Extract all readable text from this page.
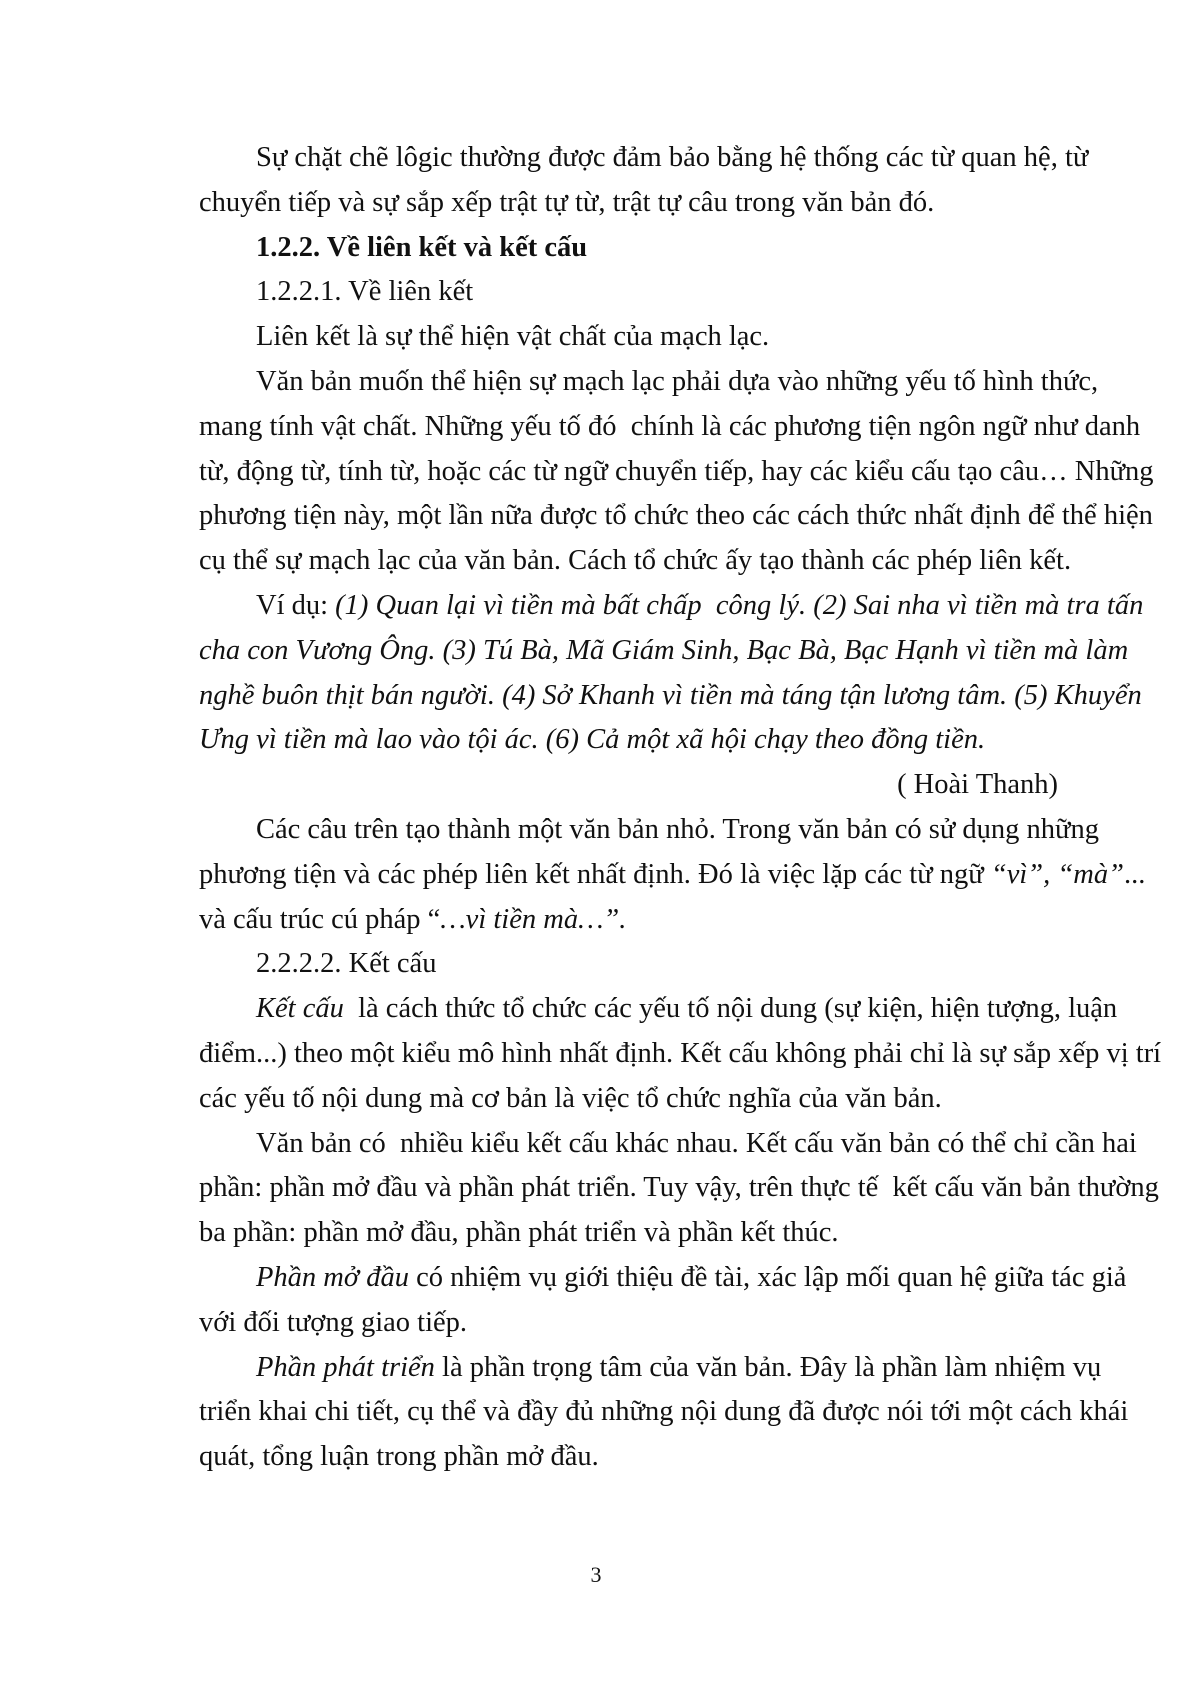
Sự chặt chẽ lôgic thường được đảm bảo bằng hệ thống các từ quan hệ, từ
chuyển tiếp và sự sắp xếp trật tự từ, trật tự câu trong văn bản đó.
1.2.2. Về liên kết và kết cấu
1.2.2.1. Về liên kết
Liên kết là sự thể hiện vật chất của mạch lạc.
Văn bản muốn thể hiện sự mạch lạc phải dựa vào những yếu tố hình thức,
mang tính vật chất. Những yếu tố đó  chính là các phương tiện ngôn ngữ như danh
từ, động từ, tính từ, hoặc các từ ngữ chuyển tiếp, hay các kiểu cấu tạo câu… Những
phương tiện này, một lần nữa được tổ chức theo các cách thức nhất định để thể hiện
cụ thể sự mạch lạc của văn bản. Cách tổ chức ấy tạo thành các phép liên kết.
Ví dụ: (1) Quan lại vì tiền mà bất chấp  công lý. (2) Sai nha vì tiền mà tra tấn
cha con Vương Ông. (3) Tú Bà, Mã Giám Sinh, Bạc Bà, Bạc Hạnh vì tiền mà làm
nghề buôn thịt bán người. (4) Sở Khanh vì tiền mà táng tận lương tâm. (5) Khuyển
Ưng vì tiền mà lao vào tội ác. (6) Cả một xã hội chạy theo đồng tiền.
( Hoài Thanh)
Các câu trên tạo thành một văn bản nhỏ. Trong văn bản có sử dụng những
phương tiện và các phép liên kết nhất định. Đó là việc lặp các từ ngữ “vì”, “mà”...
và cấu trúc cú pháp “…vì tiền mà…”.
2.2.2.2. Kết cấu
Kết cấu  là cách thức tổ chức các yếu tố nội dung (sự kiện, hiện tượng, luận
điểm...) theo một kiểu mô hình nhất định. Kết cấu không phải chỉ là sự sắp xếp vị trí
các yếu tố nội dung mà cơ bản là việc tổ chức nghĩa của văn bản.
Văn bản có  nhiều kiểu kết cấu khác nhau. Kết cấu văn bản có thể chỉ cần hai
phần: phần mở đầu và phần phát triển. Tuy vậy, trên thực tế  kết cấu văn bản thường
ba phần: phần mở đầu, phần phát triển và phần kết thúc.
Phần mở đầu có nhiệm vụ giới thiệu đề tài, xác lập mối quan hệ giữa tác giả
với đối tượng giao tiếp.
Phần phát triển là phần trọng tâm của văn bản. Đây là phần làm nhiệm vụ
triển khai chi tiết, cụ thể và đầy đủ những nội dung đã được nói tới một cách khái
quát, tổng luận trong phần mở đầu.
3
